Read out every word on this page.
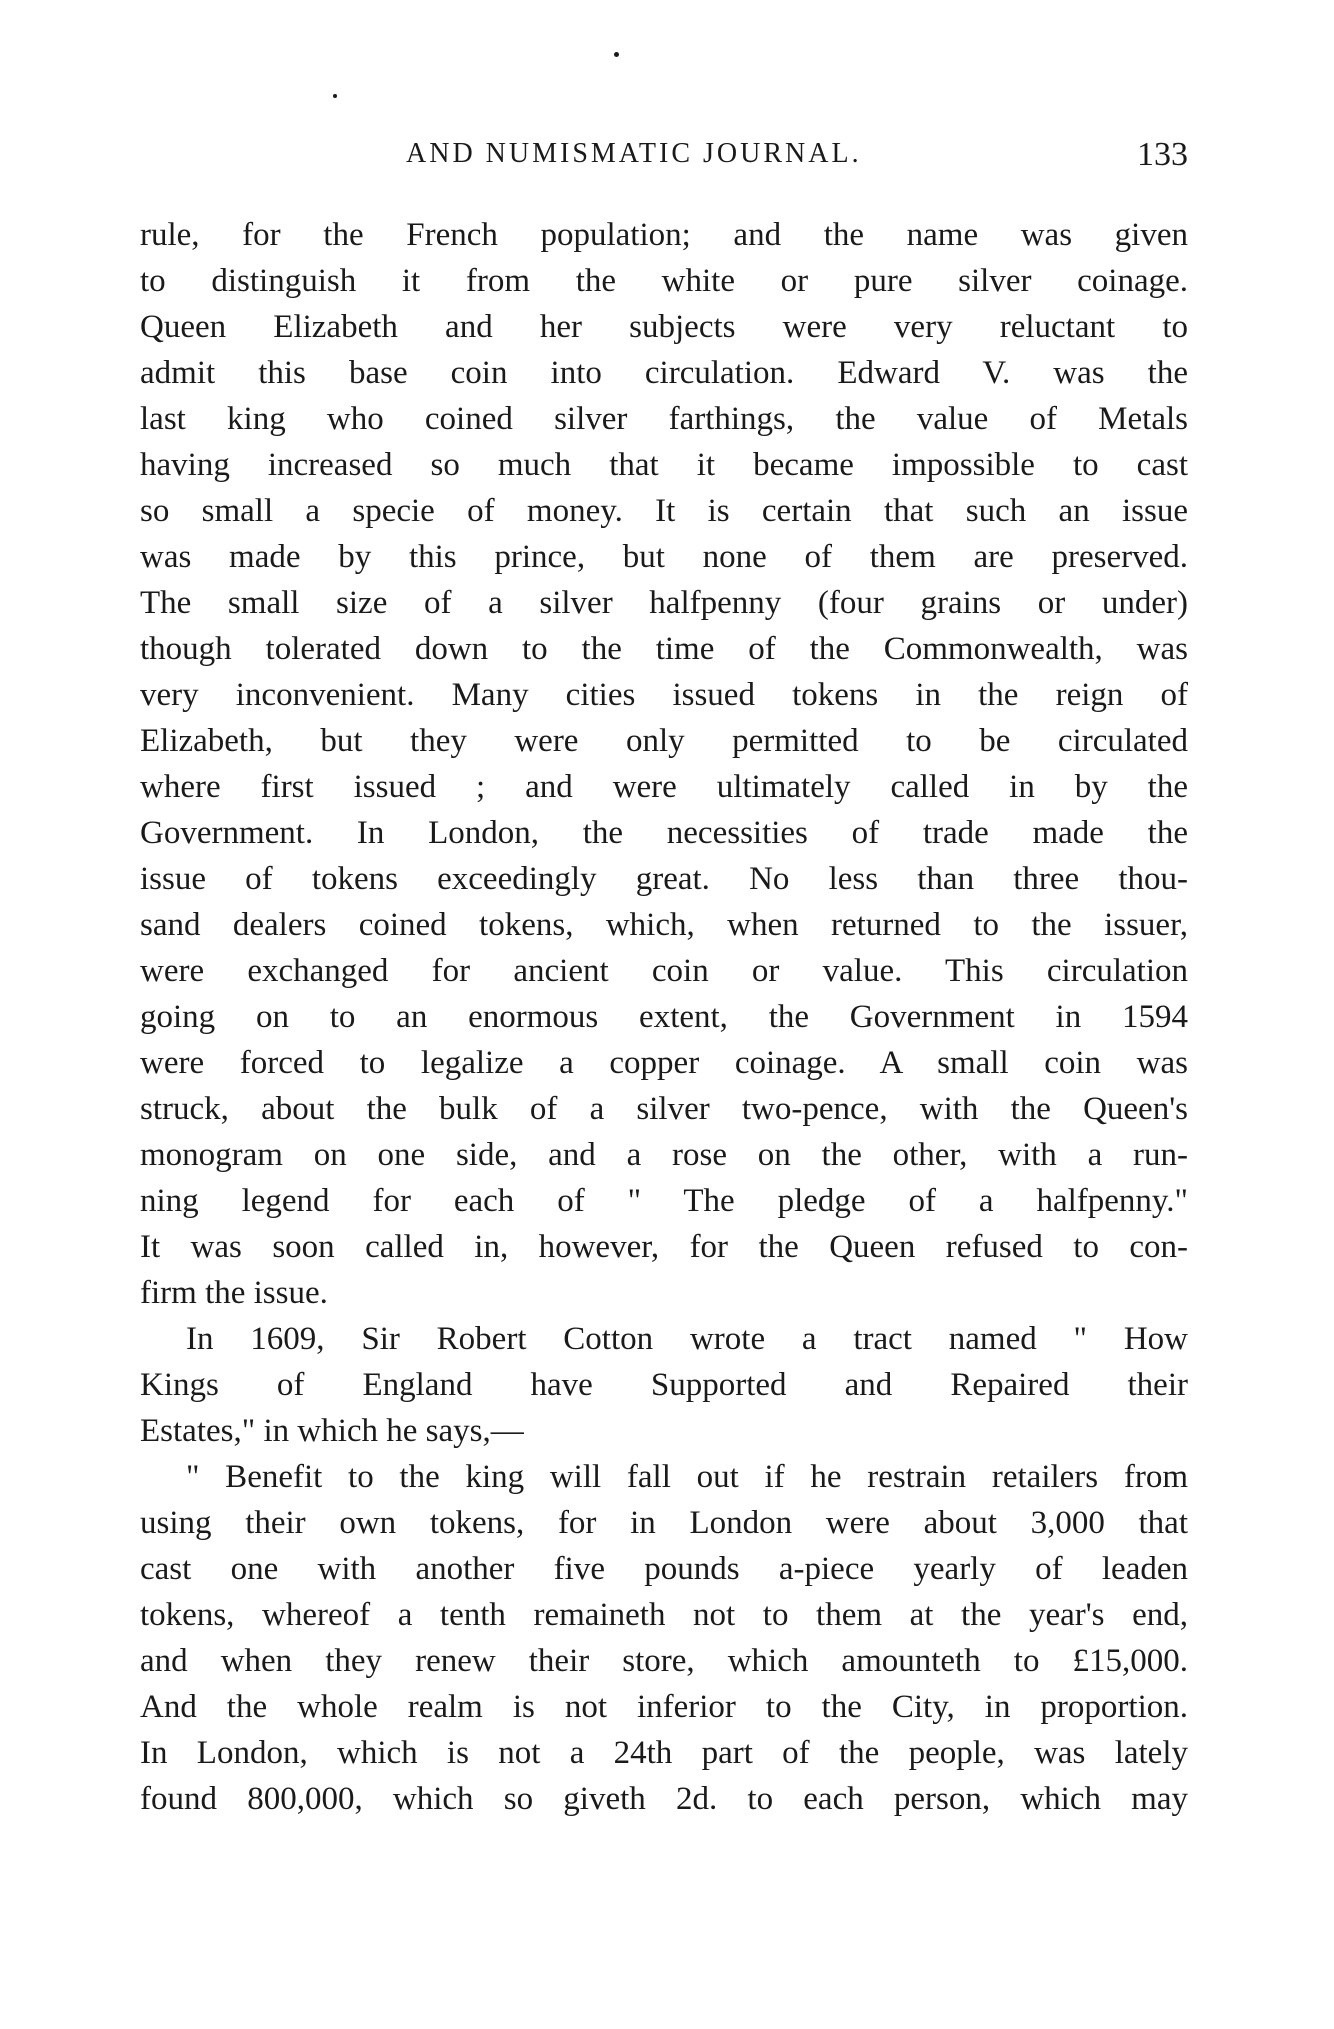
AND NUMISMATIC JOURNAL.	133
rule, for the French population; and the name was given
to distinguish it from the white or pure silver coinage.
Queen Elizabeth and her subjects were very reluctant to
admit this base coin into circulation. Edward V. was the
last king who coined silver farthings, the value of Metals
having increased so much that it became impossible to cast
so small a specie of money. It is certain that such an issue
was made by this prince, but none of them are preserved.
The small size of a silver halfpenny (four grains or under)
though tolerated down to the time of the Commonwealth, was
very inconvenient. Many cities issued tokens in the reign of
Elizabeth, but they were only permitted to be circulated
where first issued ; and were ultimately called in by the
Government. In London, the necessities of trade made the
issue of tokens exceedingly great. No less than three thou-
sand dealers coined tokens, which, when returned to the issuer,
were exchanged for ancient coin or value. This circulation
going on to an enormous extent, the Government in 1594
were forced to legalize a copper coinage. A small coin was
struck, about the bulk of a silver two-pence, with the Queen's
monogram on one side, and a rose on the other, with a run-
ning legend for each of " The pledge of a halfpenny."
It was soon called in, however, for the Queen refused to con-
firm the issue.
In 1609, Sir Robert Cotton wrote a tract named " How
Kings of England have Supported and Repaired their
Estates," in which he says,—
" Benefit to the king will fall out if he restrain retailers from
using their own tokens, for in London were about 3,000 that
cast one with another five pounds a-piece yearly of leaden
tokens, whereof a tenth remaineth not to them at the year's end,
and when they renew their store, which amounteth to £15,000.
And the whole realm is not inferior to the City, in proportion.
In London, which is not a 24th part of the people, was lately
found 800,000, which so giveth 2d. to each person, which may
